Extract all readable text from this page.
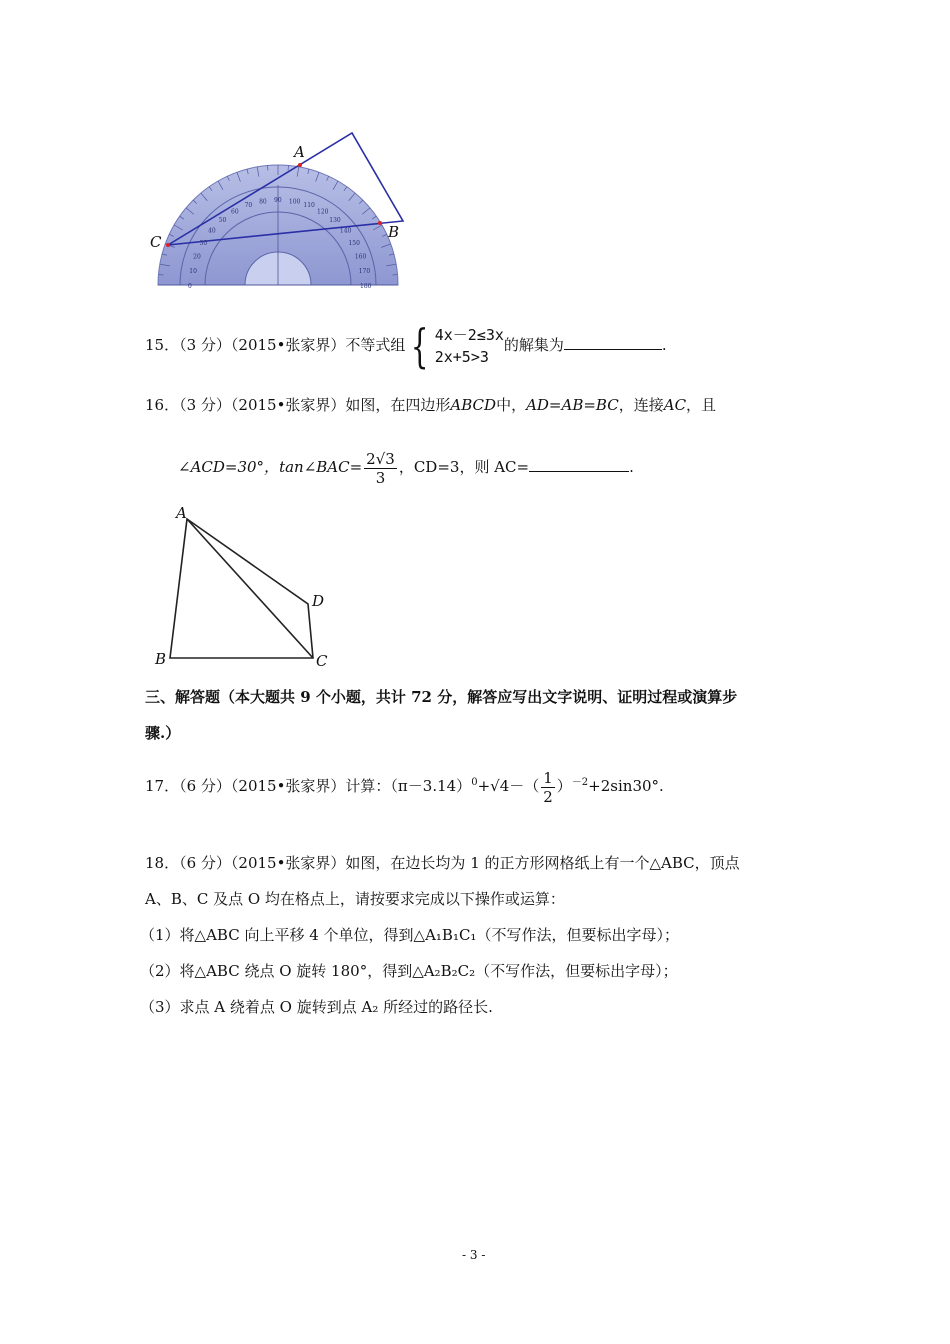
A
B
C
0
10
20
30
40
50
60
70
80 90 100
110
120
130
140
150
160
170
180
15．（3 分）（2015•张家界）不等式组 { 4x－2≤3x
2x+5>3的解集为	.
16．（3 分）（2015•张家界）如图，在四边形ABCD中，AD=AB=BC，连接AC，且
∠ACD=30°，tan∠BAC= $\frac{2√3}{3}$ ，CD=3，则 AC=	.
A
B	C
D
三、解答题（本大题共 9 个小题，共计 72 分，解答应写出文字说明、证明过程或演算步
骤.）
17．（6 分）（2015•张家界）计算：$(\pi-3.14)^0+√4-( \frac{1}{2} )^{-2}+2\sin 30^\circ$.
18．（6 分）（2015•张家界）如图，在边长均为 1 的正方形网格纸上有一个△ABC，顶点
A、B、C 及点 O 均在格点上，请按要求完成以下操作或运算：
（1）将△ABC 向上平移 4 个单位，得到△A₁B₁C₁（不写作法，但要标出字母）；
（2）将△ABC 绕点 O 旋转 180°，得到△A₂B₂C₂（不写作法，但要标出字母）；
（3）求点 A 绕着点 O 旋转到点 A₂ 所经过的路径长.
- 3 -
